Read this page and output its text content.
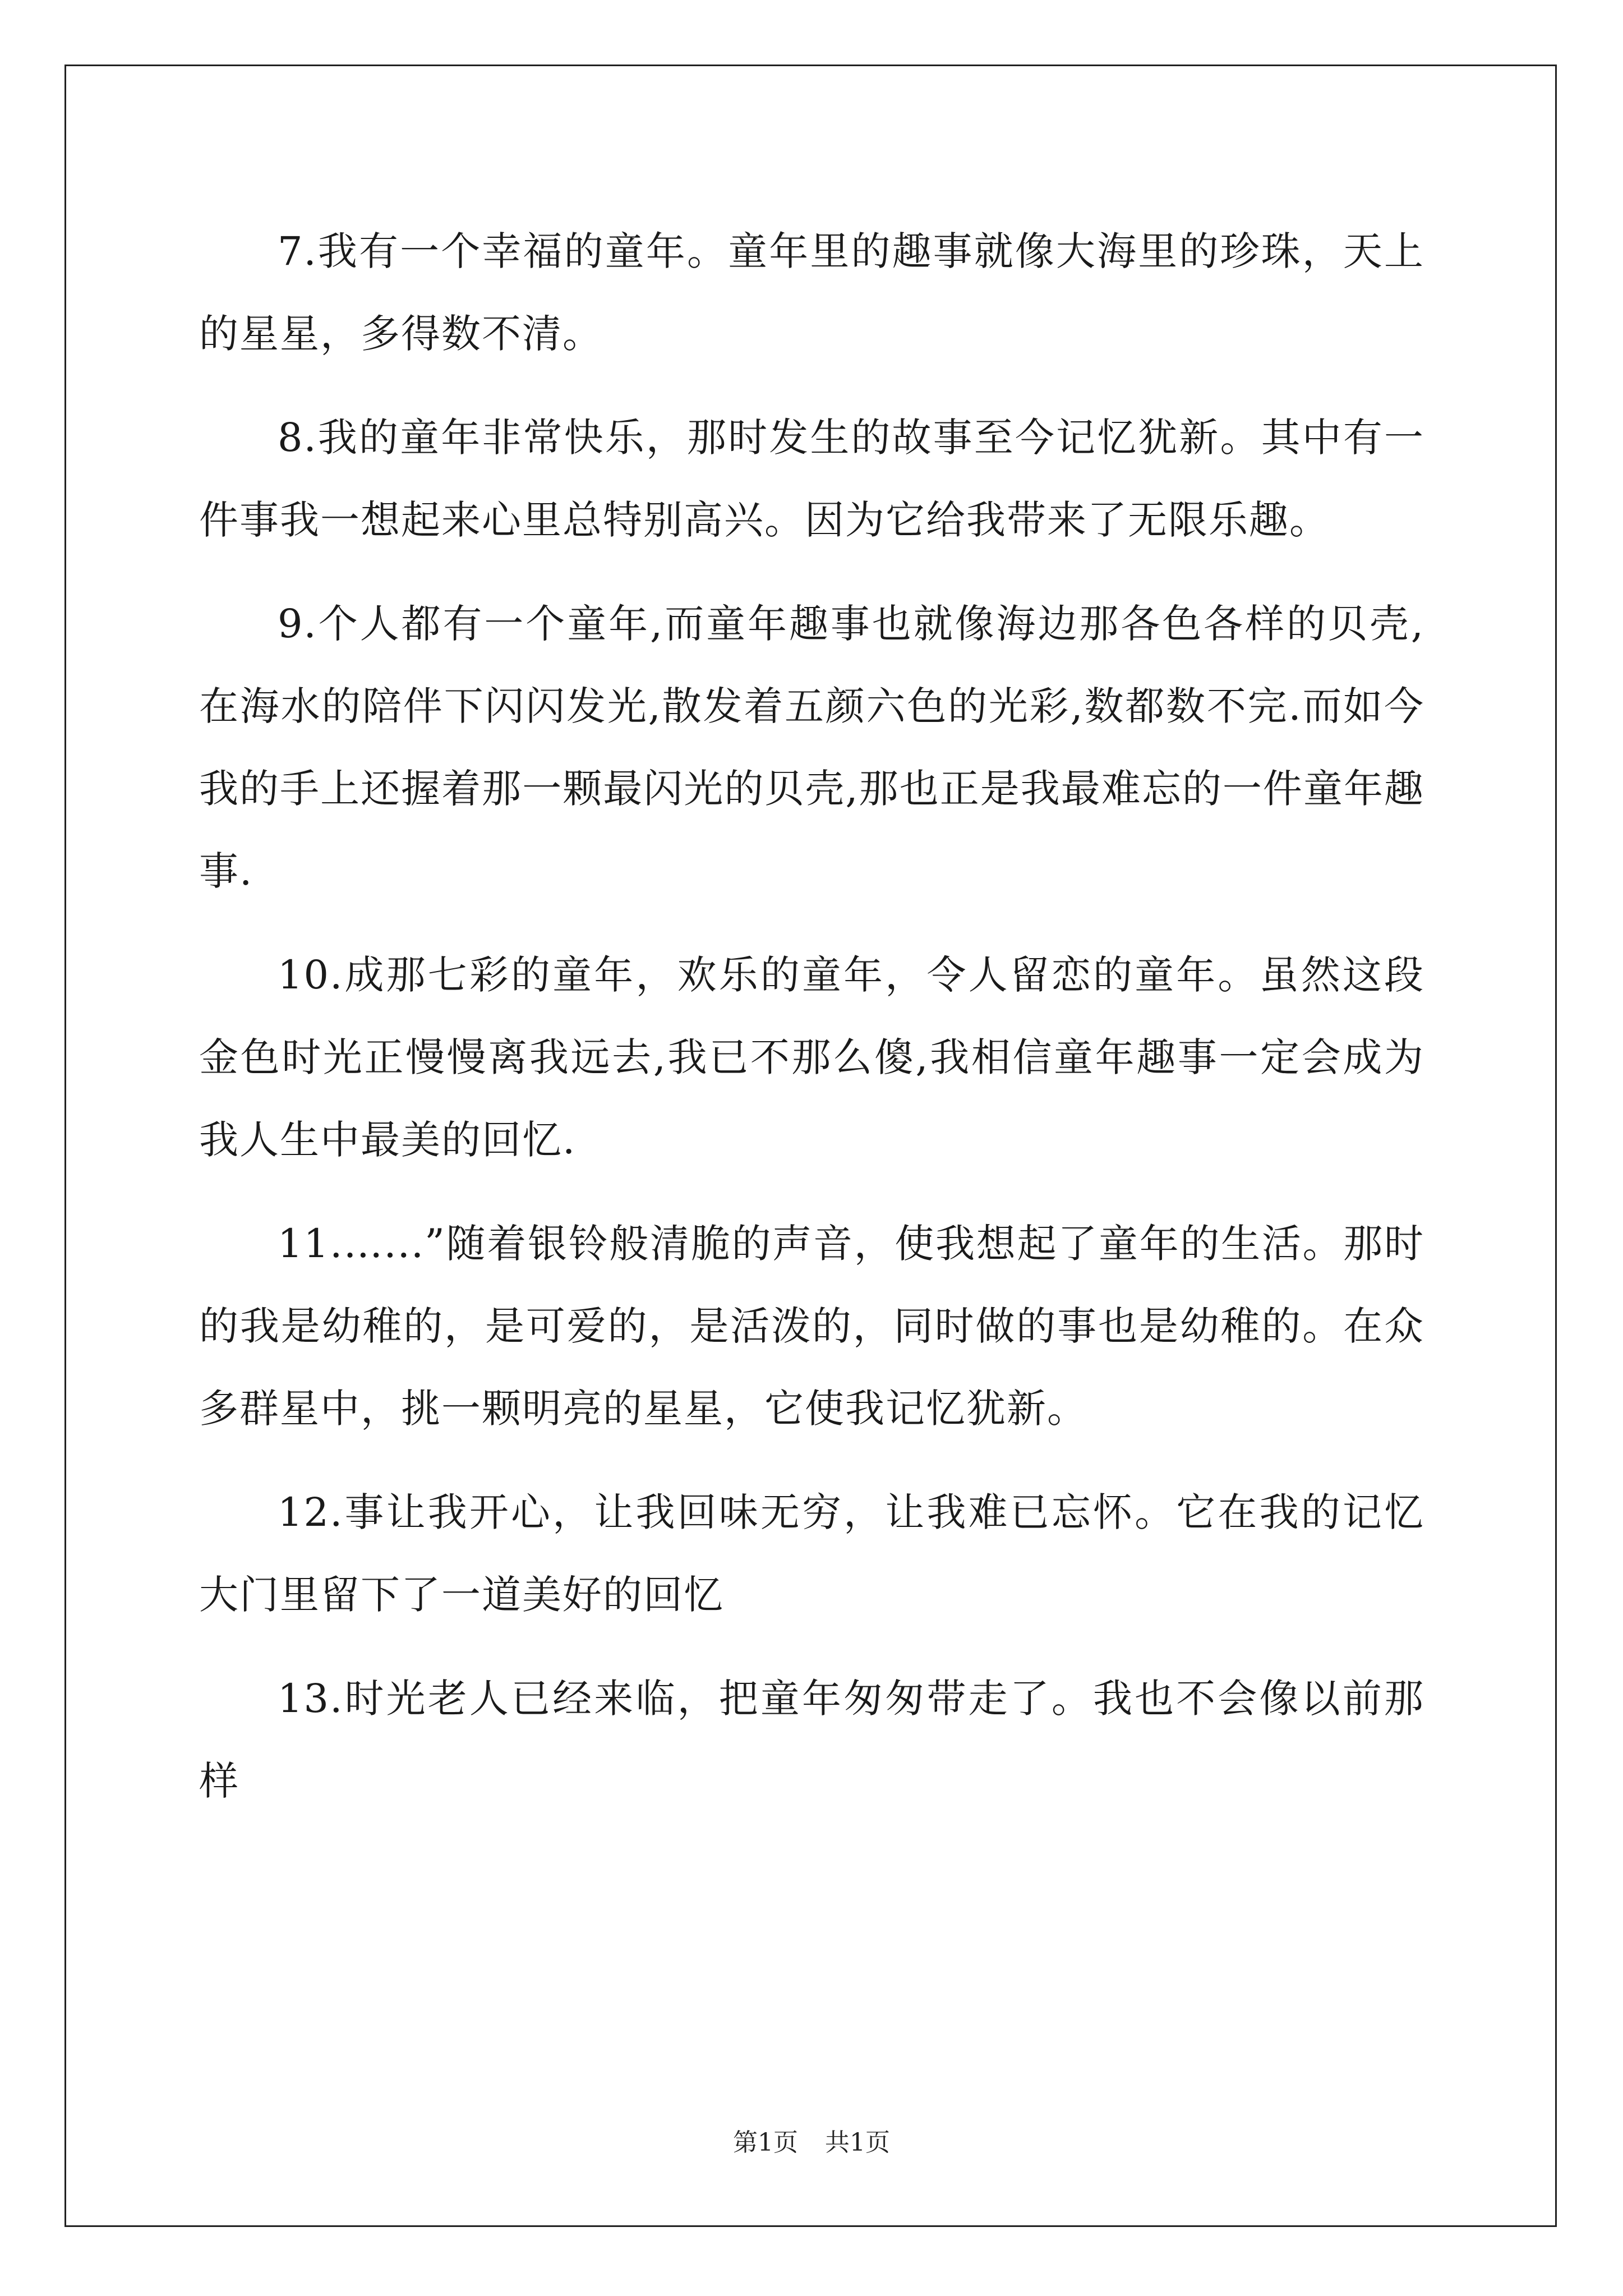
7.我有一个幸福的童年。童年里的趣事就像大海里的珍珠，天上的星星，多得数不清。

8.我的童年非常快乐，那时发生的故事至今记忆犹新。其中有一件事我一想起来心里总特别高兴。因为它给我带来了无限乐趣。

9.个人都有一个童年,而童年趣事也就像海边那各色各样的贝壳,在海水的陪伴下闪闪发光,散发着五颜六色的光彩,数都数不完.而如今我的手上还握着那一颗最闪光的贝壳,那也正是我最难忘的一件童年趣事.

10.成那七彩的童年，欢乐的童年，令人留恋的童年。虽然这段金色时光正慢慢离我远去,我已不那么傻,我相信童年趣事一定会成为我人生中最美的回忆.

11.…...”随着银铃般清脆的声音，使我想起了童年的生活。那时的我是幼稚的，是可爱的，是活泼的，同时做的事也是幼稚的。在众多群星中，挑一颗明亮的星星，它使我记忆犹新。

12.事让我开心，让我回味无穷，让我难已忘怀。它在我的记忆大门里留下了一道美好的回忆

13.时光老人已经来临，把童年匆匆带走了。我也不会像以前那样

第1页 共1页
